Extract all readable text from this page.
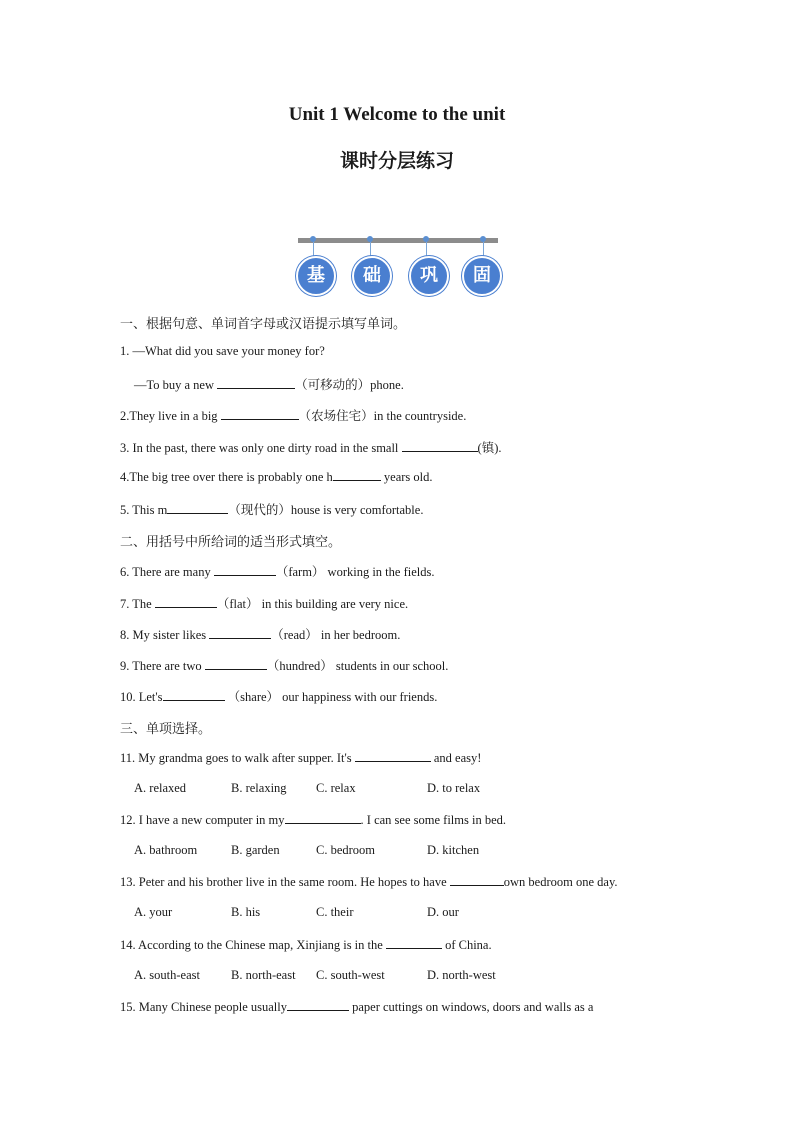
Unit 1 Welcome to the unit
课时分层练习
基	础	巩	固
一、根据句意、单词首字母或汉语提示填写单词。
1. —What did you save your money for?
—To buy a new	（可移动的）phone.
2.They live in a big	（农场住宅）in the countryside.
3. In the past, there was only one dirty road in the small	(镇).
4.The big tree over there is probably one h	years old.
5. This m	（现代的）house is very comfortable.
二、用括号中所给词的适当形式填空。
6. There are many	（farm） working in the fields.
7. The	（flat） in this building are very nice.
8. My sister likes	（read） in her bedroom.
9. There are two	（hundred） students in our school.
10. Let's	（share） our happiness with our friends.
三、单项选择。
11. My grandma goes to walk after supper. It's	and easy!
A. relaxed	B. relaxing C. relax	D. to relax
12. I have a new computer in my	. I can see some films in bed.
A. bathroom	B. garden	C. bedroom	D. kitchen
13. Peter and his brother live in the same room. He hopes to have	own bedroom one day.
A. your	B. his	C. their	D. our
14. According to the Chinese map, Xinjiang is in the	of China.
A. south-east B. north-east C. south-west	D. north-west
15. Many Chinese people usually	paper cuttings on windows, doors and walls as a
